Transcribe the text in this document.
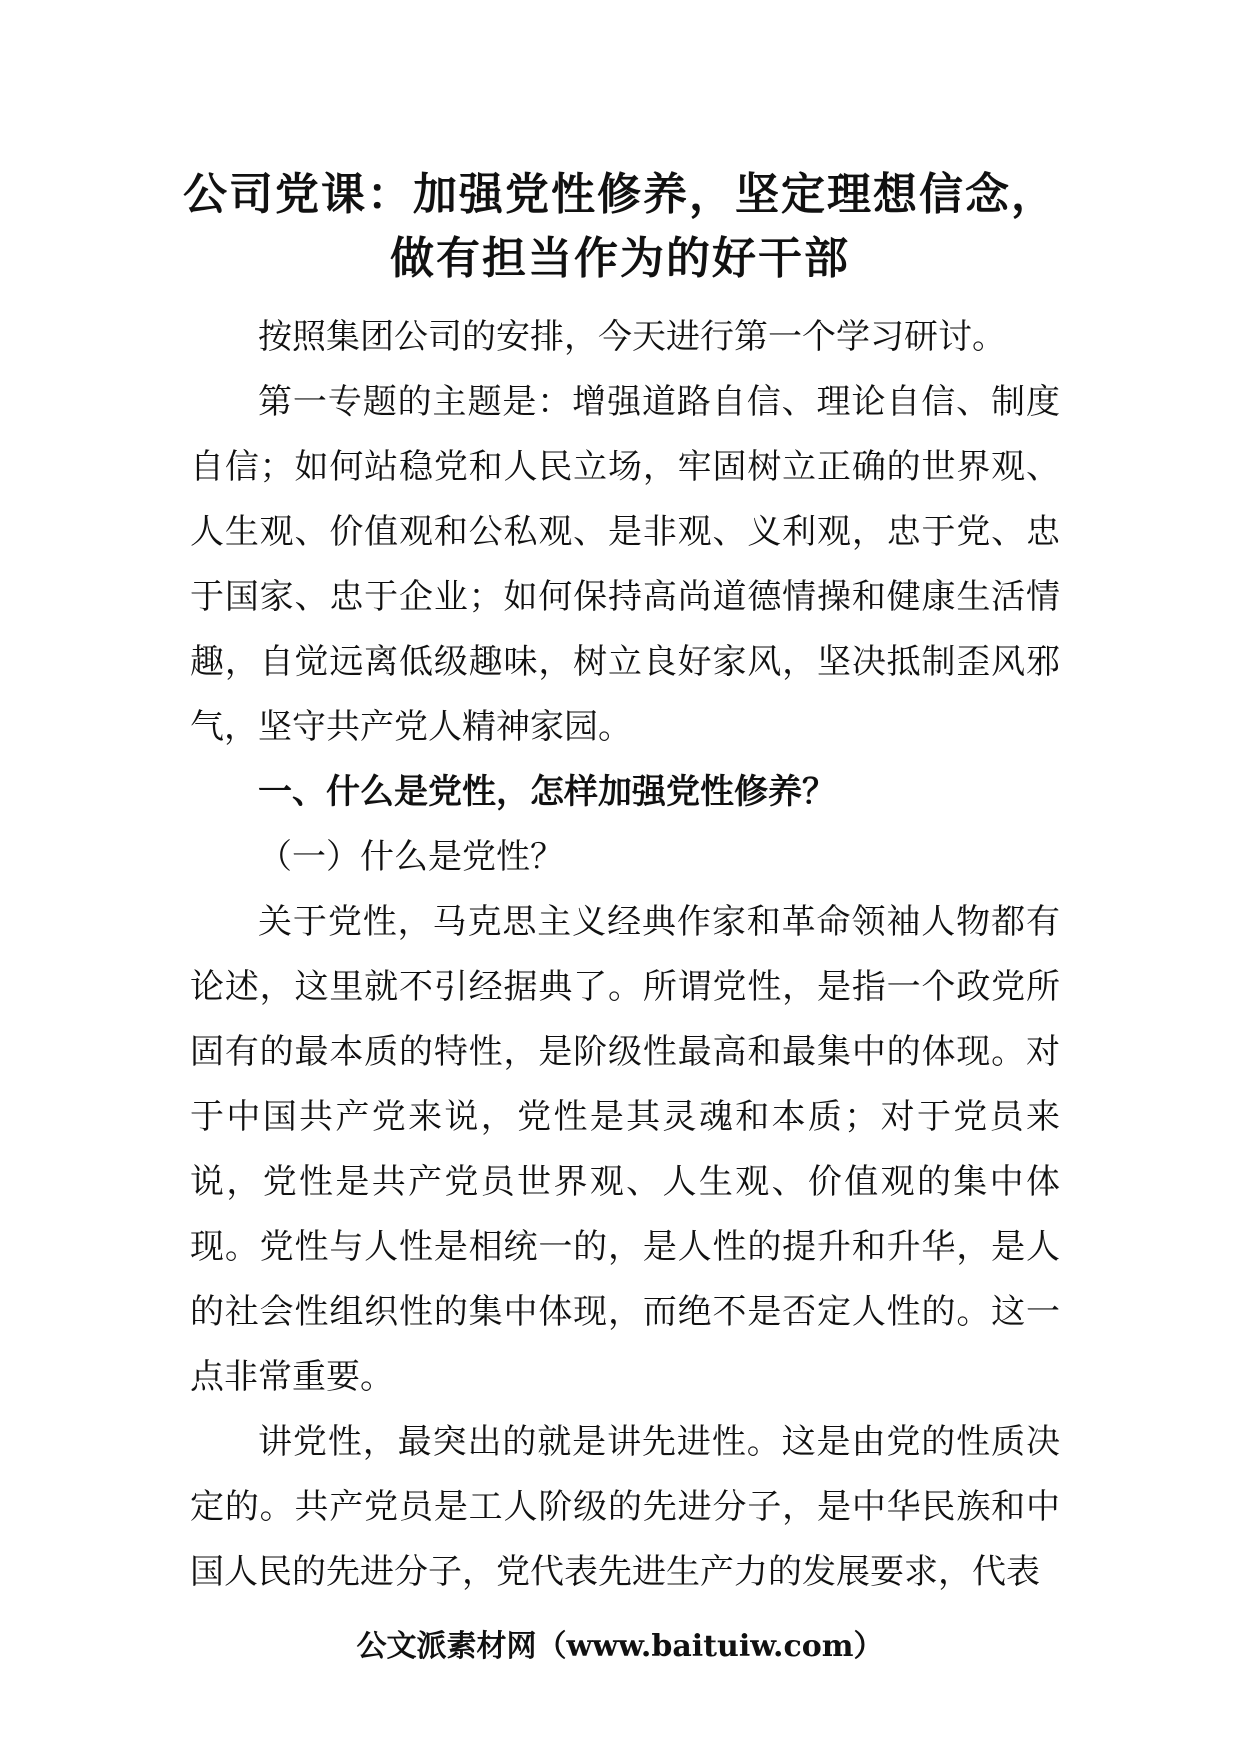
公司党课：加强党性修养，坚定理想信念，做有担当作为的好干部

按照集团公司的安排，今天进行第一个学习研讨。

第一专题的主题是：增强道路自信、理论自信、制度自信；如何站稳党和人民立场，牢固树立正确的世界观、人生观、价值观和公私观、是非观、义利观，忠于党、忠于国家、忠于企业；如何保持高尚道德情操和健康生活情趣，自觉远离低级趣味，树立良好家风，坚决抵制歪风邪气，坚守共产党人精神家园。

一、什么是党性，怎样加强党性修养？

（一）什么是党性？

关于党性，马克思主义经典作家和革命领袖人物都有论述，这里就不引经据典了。所谓党性，是指一个政党所固有的最本质的特性，是阶级性最高和最集中的体现。对于中国共产党来说，党性是其灵魂和本质；对于党员来说，党性是共产党员世界观、人生观、价值观的集中体现。党性与人性是相统一的，是人性的提升和升华，是人的社会性组织性的集中体现，而绝不是否定人性的。这一点非常重要。

讲党性，最突出的就是讲先进性。这是由党的性质决定的。共产党员是工人阶级的先进分子，是中华民族和中国人民的先进分子，党代表先进生产力的发展要求，代表

公文派素材网（www.baituiw.com）
